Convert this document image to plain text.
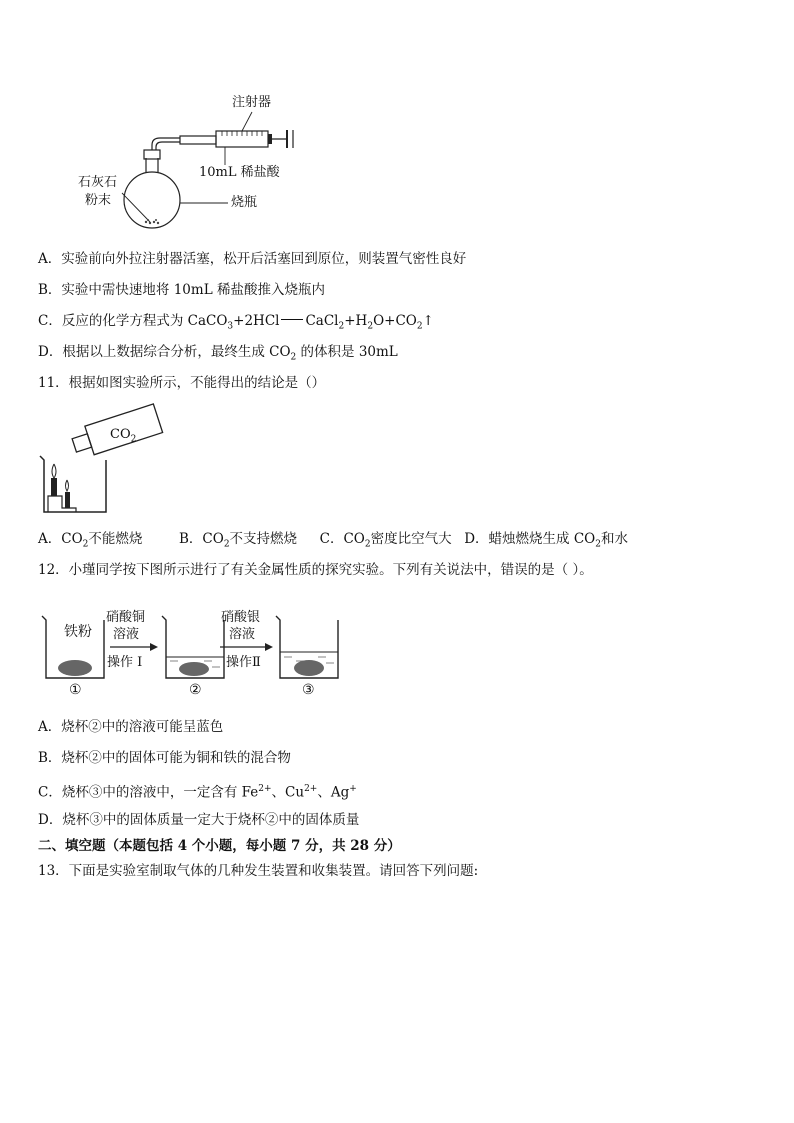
注射器
10mL 稀盐酸
石灰石
粉末	烧瓶
A．实验前向外拉注射器活塞，松开后活塞回到原位，则装置气密性良好
B．实验中需快速地将 10mL 稀盐酸推入烧瓶内
C．反应的化学方程式为 CaCO$_3$+2HCl $CaCl_2+H_2O+CO_2↑$
D．根据以上数据综合分析，最终生成 $CO_2$ 的体积是 30mL
11．根据如图实验所示，不能得出的结论是（）
$CO_2$
A．$CO_2$不能燃烧	B．$CO_2$不支持燃烧 C．$CO_2$密度比空气大 D．蜡烛燃烧生成 $CO_2$和水
12．小瑾同学按下图所示进行了有关金属性质的探究实验。下列有关说法中，错误的是（ ）。
铁粉
硝酸铜
溶液
操作 I
硝酸银
溶液
操作Ⅱ
①	②	③
A．烧杯②中的溶液可能呈蓝色
B．烧杯②中的固体可能为铜和铁的混合物
C．烧杯③中的溶液中，一定含有 $Fe^{2+}$、$Cu^{2+}$、Ag+
D．烧杯③中的固体质量一定大于烧杯②中的固体质量
二、填空题（本题包括 4 个小题，每小题 7 分，共 28 分）
13．下面是实验室制取气体的几种发生装置和收集装置。请回答下列问题:
